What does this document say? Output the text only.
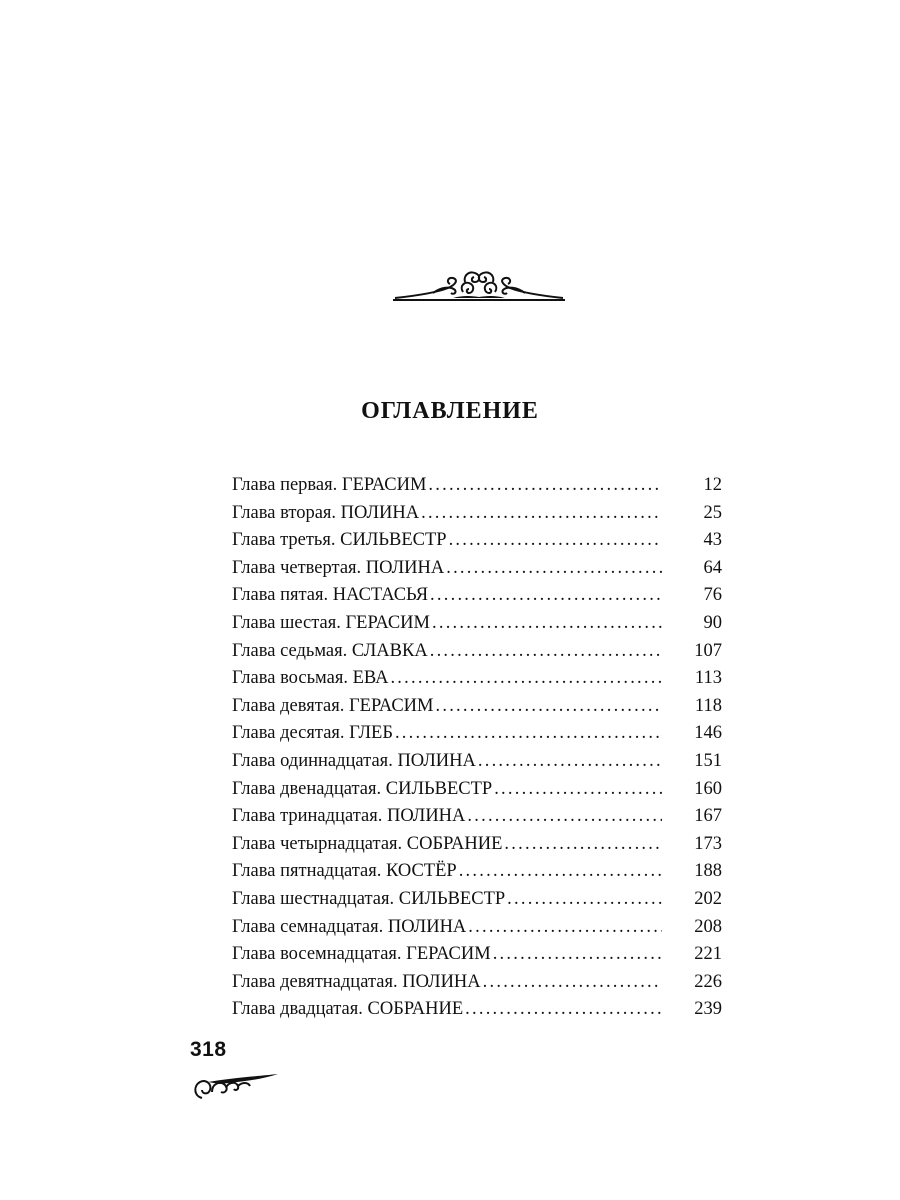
ОГЛАВЛЕНИЕ
Глава первая. ГЕРАСИМ . . .	12
Глава вторая. ПОЛИНА . . .	25
Глава третья. СИЛЬВЕСТР . . .	43
Глава четвертая. ПОЛИНА . . .	64
Глава пятая. НАСТАСЬЯ . . .	76
Глава шестая. ГЕРАСИМ . . .	90
Глава седьмая. СЛАВКА . . .	107
Глава восьмая. ЕВА . . .	113
Глава девятая. ГЕРАСИМ . . .	118
Глава десятая. ГЛЕБ . . .	146
Глава одиннадцатая. ПОЛИНА . . .	151
Глава двенадцатая. СИЛЬВЕСТР . . .	160
Глава тринадцатая. ПОЛИНА . . .	167
Глава четырнадцатая. СОБРАНИЕ . . .	173
Глава пятнадцатая. КОСТЁР . . .	188
Глава шестнадцатая. СИЛЬВЕСТР . . .	202
Глава семнадцатая. ПОЛИНА . . .	208
Глава восемнадцатая. ГЕРАСИМ . . .	221
Глава девятнадцатая. ПОЛИНА . . .	226
Глава двадцатая. СОБРАНИЕ . . .	239
318
